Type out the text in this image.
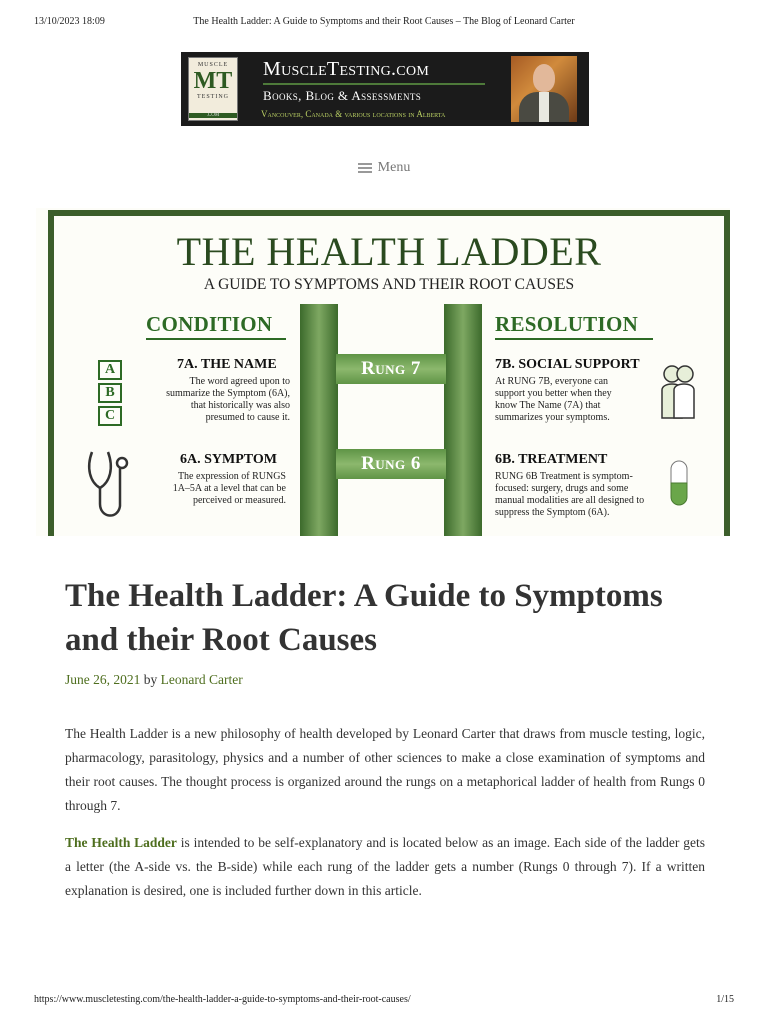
13/10/2023 18:09	The Health Ladder: A Guide to Symptoms and their Root Causes – The Blog of Leonard Carter
MUSCLE
MT
TESTING
.COM
MuscleTesting.com
Books, Blog & Assessments
Vancouver, Canada & various locations in Alberta
Menu
THE HEALTH LADDER
A GUIDE TO SYMPTOMS AND THEIR ROOT CAUSES
CONDITION	RESOLUTION
Rung 7
Rung 6
A
B
C
7A. THE NAME
The word agreed upon to summarize the Symptom (6A), that historically was also presumed to cause it.
6A. SYMPTOM
The expression of RUNGS 1A–5A at a level that can be perceived or measured.
7B. SOCIAL SUPPORT
At RUNG 7B, everyone can support you better when they know The Name (7A) that summarizes your symptoms.
6B. TREATMENT
RUNG 6B Treatment is symptom-focused: surgery, drugs and some manual modalities are all designed to suppress the Symptom (6A).
The Health Ladder: A Guide to Symptoms and their Root Causes
June 26, 2021 by Leonard Carter

The Health Ladder is a new philosophy of health developed by Leonard Carter that draws from muscle testing, logic, pharmacology, parasitology, physics and a number of other sciences to make a close examination of symptoms and their root causes. The thought process is organized around the rungs on a metaphorical ladder of health from Rungs 0 through 7.

The Health Ladder is intended to be self-explanatory and is located below as an image. Each side of the ladder gets a letter (the A-side vs. the B-side) while each rung of the ladder gets a number (Rungs 0 through 7). If a written explanation is desired, one is included further down in this article.

https://www.muscletesting.com/the-health-ladder-a-guide-to-symptoms-and-their-root-causes/	1/15
